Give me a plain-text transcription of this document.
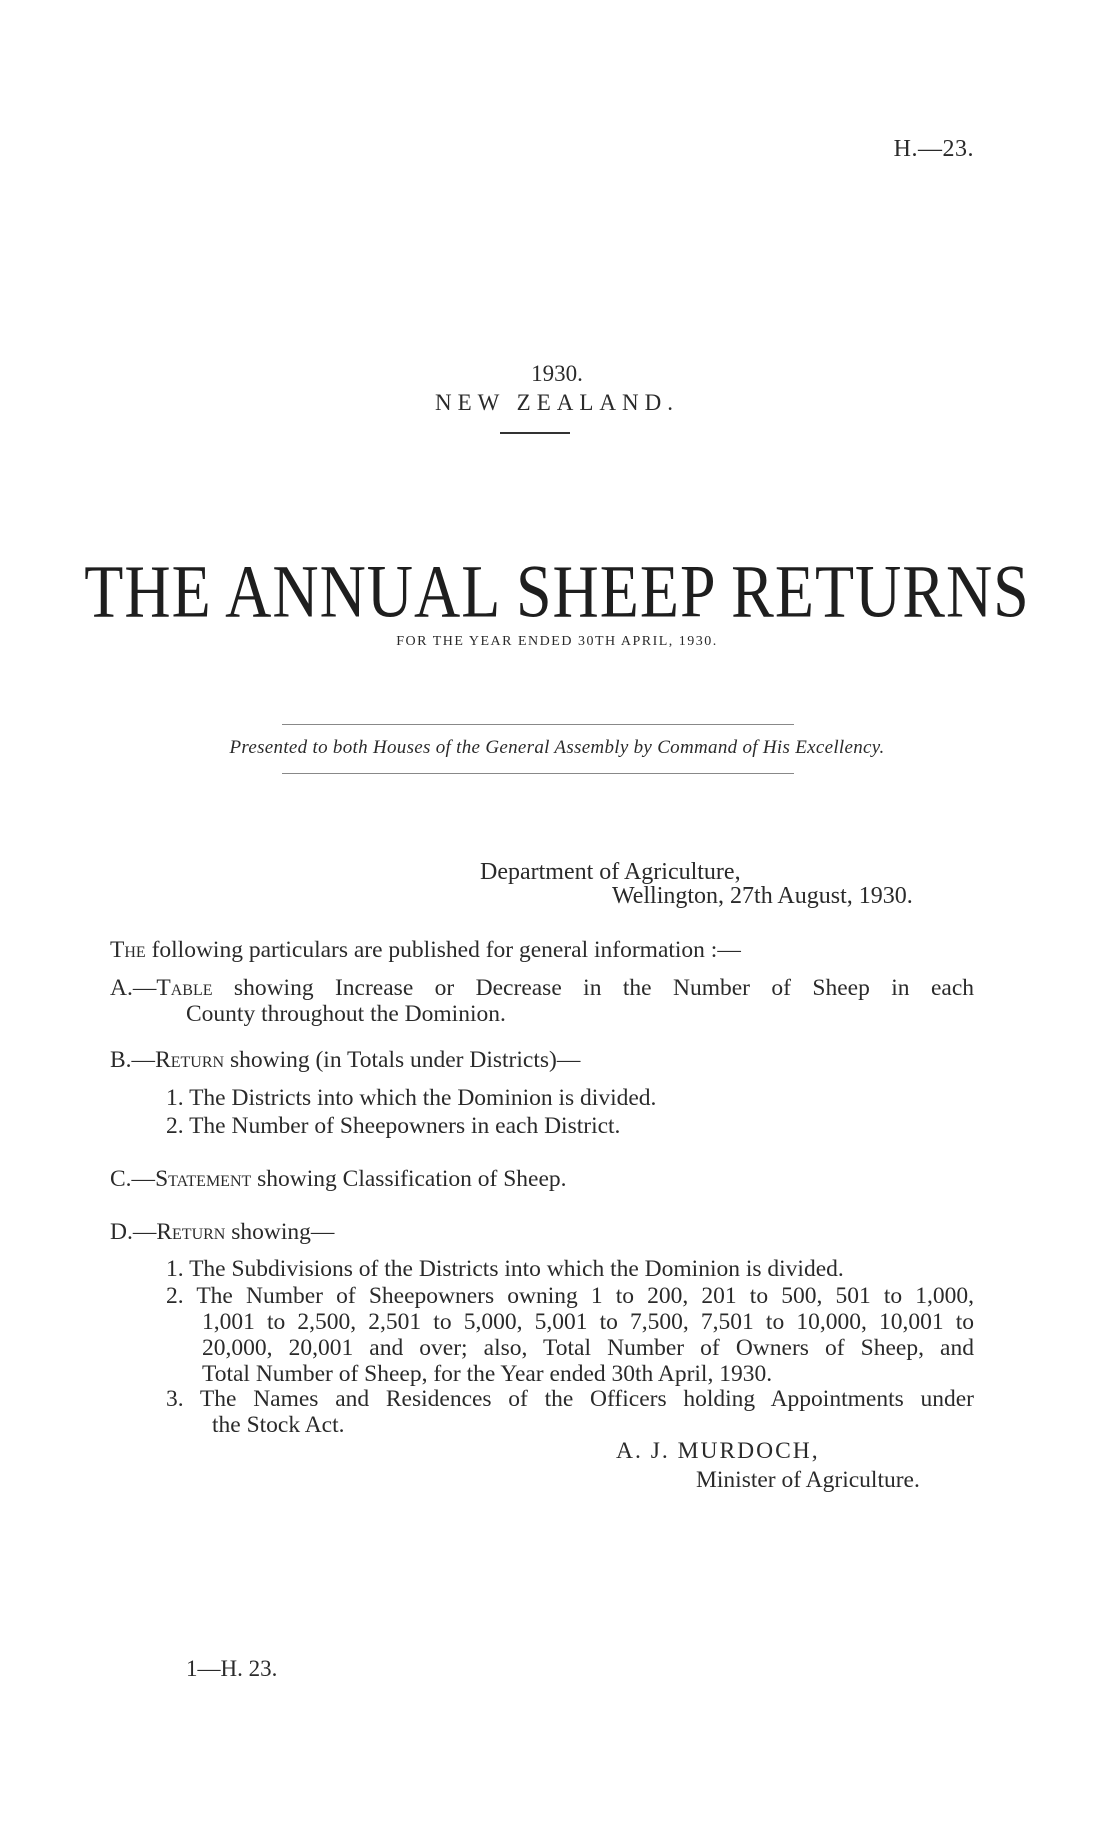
H.—23.
1930.
NEW ZEALAND.
THE ANNUAL SHEEP RETURNS
FOR THE YEAR ENDED 30TH APRIL, 1930.
Presented to both Houses of the General Assembly by Command of His Excellency.
Department of Agriculture,
Wellington, 27th August, 1930.
The following particulars are published for general information :—
A.—Table showing Increase or Decrease in the Number of Sheep in each
County throughout the Dominion.
B.—Return showing (in Totals under Districts)—
1. The Districts into which the Dominion is divided.
2. The Number of Sheepowners in each District.
C.—Statement showing Classification of Sheep.
D.—Return showing—
1. The Subdivisions of the Districts into which the Dominion is divided.
2. The Number of Sheepowners owning 1 to 200, 201 to 500, 501 to 1,000,
1,001 to 2,500, 2,501 to 5,000, 5,001 to 7,500, 7,501 to 10,000, 10,001 to
20,000, 20,001 and over; also, Total Number of Owners of Sheep, and
Total Number of Sheep, for the Year ended 30th April, 1930.
3. The Names and Residences of the Officers holding Appointments under
the Stock Act.
A. J. MURDOCH,
Minister of Agriculture.
1—H. 23.
